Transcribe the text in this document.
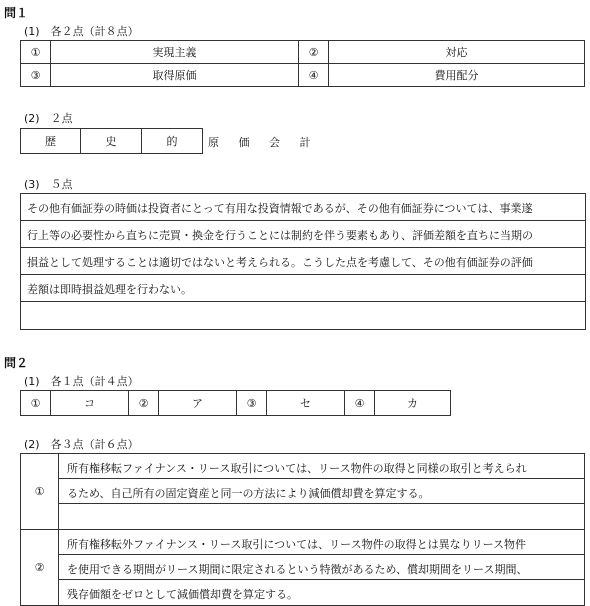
問１
(1)　各２点（計８点）
①	実現主義	②	対応
③	取得原価	④	費用配分
(2)　２点
歴	史	的	原 価 会 計
(3)　５点
その他有価証券の時価は投資者にとって有用な投資情報であるが、その他有価証券については、事業遂
行上等の必要性から直ちに売買・換金を行うことには制約を伴う要素もあり、評価差額を直ちに当期の
損益として処理することは適切ではないと考えられる。こうした点を考慮して、その他有価証券の評価
差額は即時損益処理を行わない。
問２
(1)　各１点（計４点）
①	コ	②	ア	③	セ	④	カ
(2)　各３点（計６点）
①	所有権移転ファイナンス・リース取引については、リース物件の取得と同様の取引と考えられ
るため、自己所有の固定資産と同一の方法により減価償却費を算定する。

②	所有権移転外ファイナンス・リース取引については、リース物件の取得とは異なりリース物件
を使用できる期間がリース期間に限定されるという特徴があるため、償却期間をリース期間、
残存価額をゼロとして減価償却費を算定する。
